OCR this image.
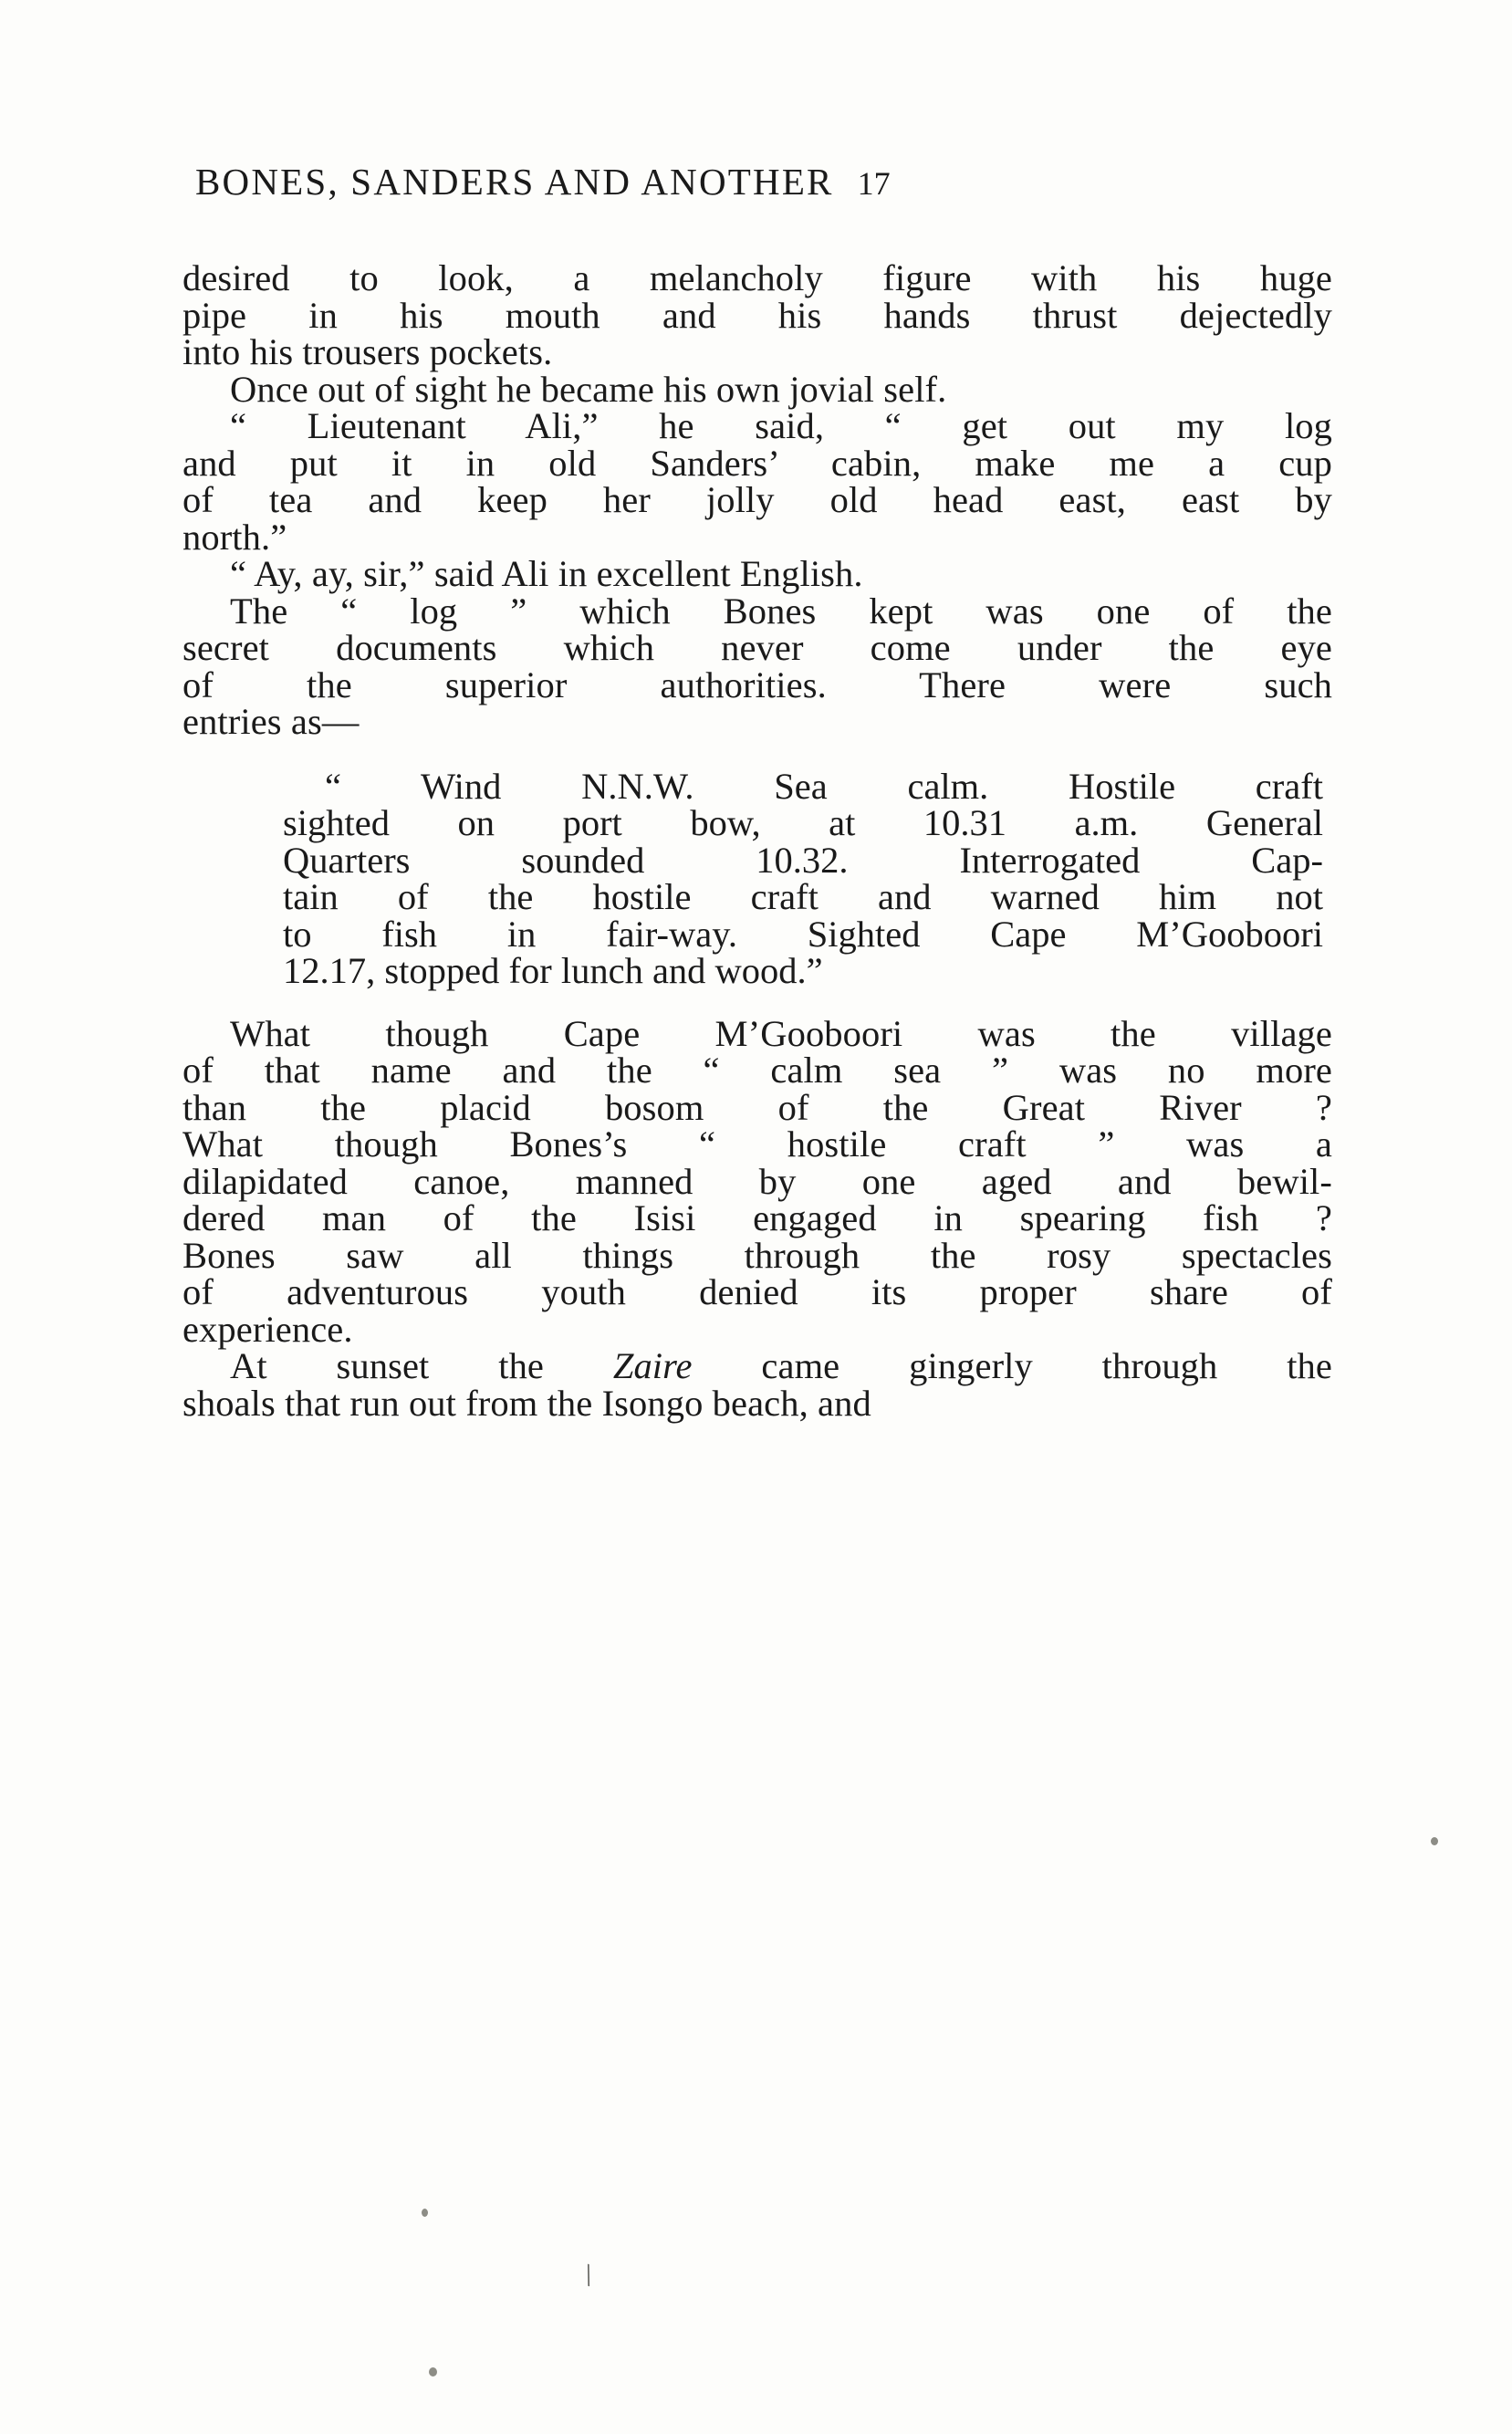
BONES, SANDERS AND ANOTHER 17

desired to look, a melancholy figure with his huge
pipe in his mouth and his hands thrust dejectedly
into his trousers pockets.

Once out of sight he became his own jovial self.

“ Lieutenant Ali,” he said, “ get out my log
and put it in old Sanders’ cabin, make me a cup
of tea and keep her jolly old head east, east by
north.”

“ Ay, ay, sir,” said Ali in excellent English.

The “ log ” which Bones kept was one of the
secret documents which never come under the eye
of the superior authorities. There were such
entries as—

“ Wind N.N.W. Sea calm. Hostile craft
sighted on port bow, at 10.31 a.m. General
Quarters sounded 10.32. Interrogated Cap-
tain of the hostile craft and warned him not
to fish in fair-way. Sighted Cape M’Gooboori
12.17, stopped for lunch and wood.”

What though Cape M’Gooboori was the village
of that name and the “ calm sea ” was no more
than the placid bosom of the Great River ?
What though Bones’s “ hostile craft ” was a
dilapidated canoe, manned by one aged and bewil-
dered man of the Isisi engaged in spearing fish ?
Bones saw all things through the rosy spectacles
of adventurous youth denied its proper share of
experience.

At sunset the Zaire came gingerly through the
shoals that run out from the Isongo beach, and

\
